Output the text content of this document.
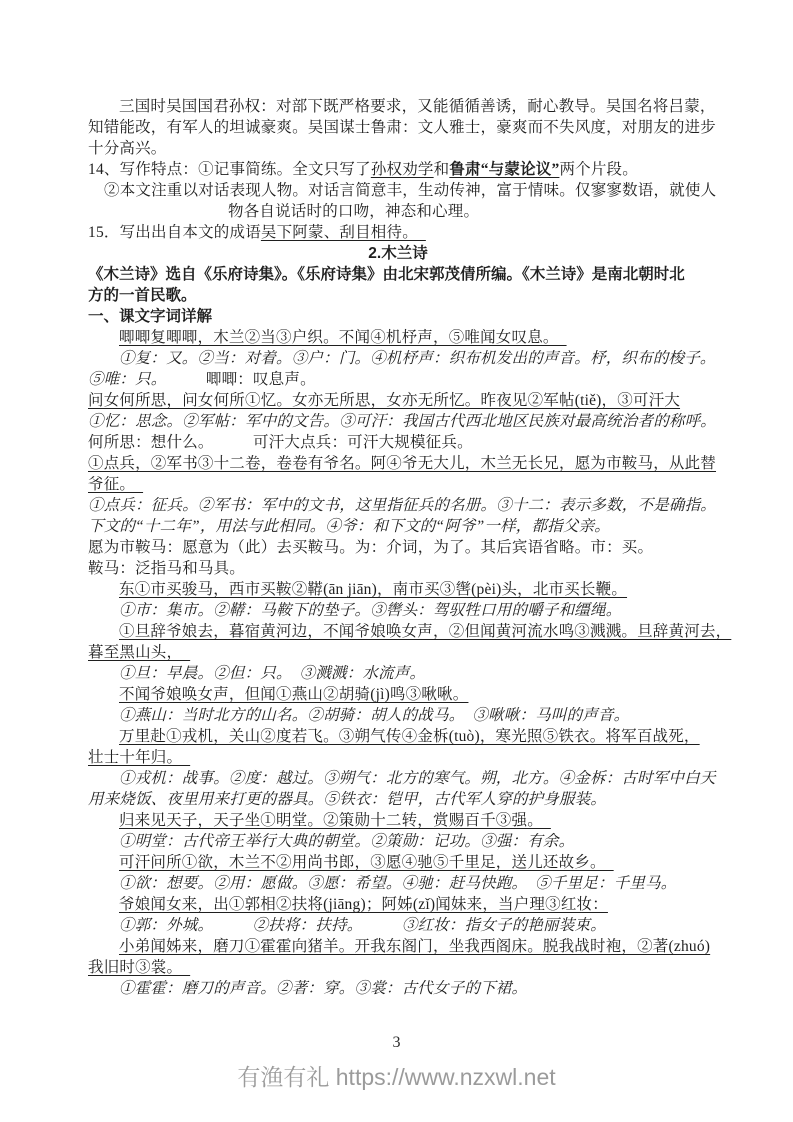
三国时吴国国君孙权：对部下既严格要求，又能循循善诱，耐心教导。吴国名将吕蒙，
知错能改，有军人的坦诚豪爽。吴国谋士鲁肃：文人雅士，豪爽而不失风度，对朋友的进步
十分高兴。
14、写作特点：①记事简练。全文只写了孙权劝学和鲁肃“与蒙论议”两个片段。
②本文注重以对话表现人物。对话言简意丰，生动传神，富于情味。仅寥寥数语，就使人
物各自说话时的口吻，神态和心理。
15．写出出自本文的成语吴下阿蒙、刮目相待。　
2.木兰诗
《木兰诗》选自《乐府诗集》。《乐府诗集》由北宋郭茂倩所编。《木兰诗》是南北朝时北
方的一首民歌。
一、课文字词详解
唧唧复唧唧，木兰②当③户织。不闻④机杼声，⑤唯闻女叹息。　
①复：又。②当：对着。③户：门。④机杼声：织布机发出的声音。杼，织布的梭子。
⑤唯：只。　　　	唧唧：叹息声。
问女何所思，问女何所①忆。女亦无所思，女亦无所忆。昨夜见②军帖(tiě)，③可汗大
①忆：思念。②军帖：军中的文告。③可汗：我国古代西北地区民族对最高统治者的称呼。
何所思：想什么。　　　	可汗大点兵：可汗大规模征兵。
①点兵，②军书③十二卷，卷卷有爷名。阿④爷无大儿，木兰无长兄，愿为市鞍马，从此替
爷征。　
①点兵：征兵。②军书：军中的文书，这里指征兵的名册。③十二：表示多数，不是确指。
下文的“十二年”，用法与此相同。④爷：和下文的“阿爷”一样，都指父亲。
愿为市鞍马：愿意为（此）去买鞍马。为：介词，为了。其后宾语省略。市：买。
鞍马：泛指马和马具。
东①市买骏马，西市买鞍②鞯(ān jiān)，南市买③辔(pèi)头，北市买长鞭。
①市：集市。②鞯：马鞍下的垫子。③辔头：驾驭牲口用的嚼子和缰绳。
①旦辞爷娘去，暮宿黄河边，不闻爷娘唤女声，②但闻黄河流水鸣③溅溅。旦辞黄河去，
暮至黑山头，　
①旦：早晨。②但：只。　 ③溅溅：水流声。
不闻爷娘唤女声，但闻①燕山②胡骑(jì)鸣③啾啾。
①燕山：当时北方的山名。②胡骑：胡人的战马。　 ③啾啾：马叫的声音。
万里赴①戎机，关山②度若飞。③朔气传④金柝(tuò)，寒光照⑤铁衣。将军百战死，
壮士十年归。　
①戎机：战事。②度：越过。③朔气：北方的寒气。朔，北方。④金柝：古时军中白天
用来烧饭、夜里用来打更的器具。⑤铁衣：铠甲，古代军人穿的护身服装。
归来见天子，天子坐①明堂。②策勋十二转，赏赐百千③强。　
①明堂：古代帝王举行大典的朝堂。②策勋：记功。③强：有余。
可汗问所①欲，木兰不②用尚书郎，③愿④驰⑤千里足，送儿还故乡。　
①欲：想要。②用：愿做。③愿：希望。④驰：赶马快跑。　 ⑤千里足：千里马。
爷娘闻女来，出①郭相②扶将(jiāng)；阿姊(zǐ)闻妹来，当户理③红妆：
①郭：外城。　　　	②扶将：扶持。　　　	③红妆：指女子的艳丽装束。
小弟闻姊来，磨刀①霍霍向猪羊。开我东阁门，坐我西阁床。脱我战时袍，②著(zhuó)
我旧时③裳。　
①霍霍：磨刀的声音。②著：穿。③裳：古代女子的下裙。
3
有渔有礼 https://www.nzxwl.net
